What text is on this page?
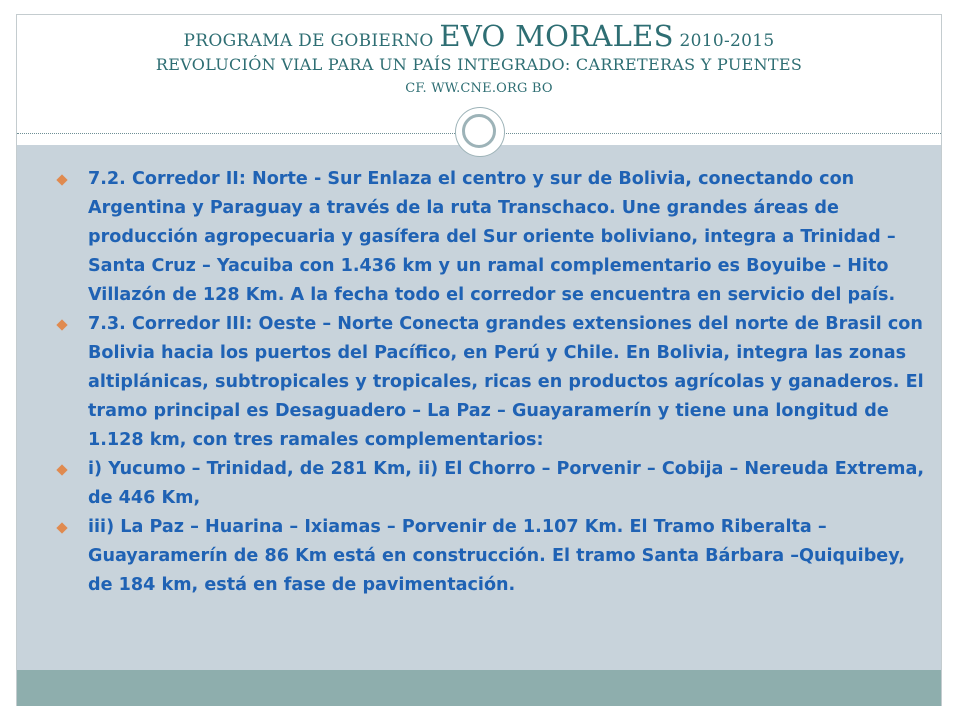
PROGRAMA DE GOBIERNO EVO MORALES 2010-2015
REVOLUCIÓN VIAL PARA UN PAÍS INTEGRADO: CARRETERAS Y PUENTES
CF. WW.CNE.ORG BO
7.2. Corredor II: Norte - Sur Enlaza el centro y sur de Bolivia, conectando con Argentina y Paraguay a través de la ruta Transchaco. Une grandes áreas de producción agropecuaria y gasífera del Sur oriente boliviano, integra a Trinidad – Santa Cruz – Yacuiba con 1.436 km y un ramal complementario es Boyuibe – Hito Villazón de 128 Km. A la fecha todo el corredor se encuentra en servicio del país.
7.3. Corredor III: Oeste – Norte Conecta grandes extensiones del norte de Brasil con Bolivia hacia los puertos del Pacífico, en Perú y Chile. En Bolivia, integra las zonas altiplánicas, subtropicales y tropicales, ricas en productos agrícolas y ganaderos. El tramo principal es Desaguadero – La Paz – Guayaramerín y tiene una longitud de 1.128 km, con tres ramales complementarios:
i) Yucumo – Trinidad, de 281 Km, ii) El Chorro – Porvenir – Cobija – Nereuda Extrema, de 446 Km,
iii) La Paz – Huarina – Ixiamas – Porvenir de 1.107 Km. El Tramo Riberalta – Guayaramerín de 86 Km está en construcción. El tramo Santa Bárbara –Quiquibey, de 184 km, está en fase de pavimentación.
